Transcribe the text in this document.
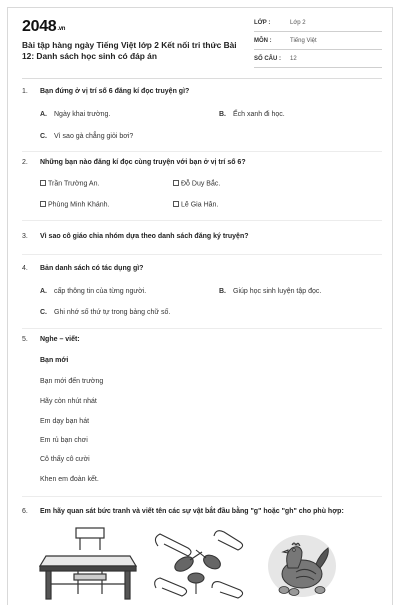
2048.vn
Bài tập hàng ngày Tiếng Việt lớp 2 Kết nối tri thức Bài 12: Danh sách học sinh có đáp án
LỚP :	Lớp 2
MÔN :	Tiếng Việt
SỐ CÂU : 12
1. Bạn đứng ở vị trí số 6 đăng kí đọc truyện gì?
A. Ngày khai trường.	B. Ếch xanh đi học.
C. Vì sao gà chẳng giỏi bơi?
2. Những bạn nào đăng kí đọc cùng truyện với bạn ở vị trí số 6?
Trần Trường An.	Đỗ Duy Bắc.
Phùng Minh Khánh.	Lê Gia Hân.
3. Vì sao cô giáo chia nhóm dựa theo danh sách đăng ký truyện?
4. Bản danh sách có tác dụng gì?
A. cấp thông tin của từng người.	B. Giúp học sinh luyện tập đọc.
C. Ghi nhớ số thứ tự trong bảng chữ số.
5. Nghe – viết:
Bạn mới
Bạn mới đến trường
Hãy còn nhút nhát
Em dạy bạn hát
Em rủ bạn chơi
Cô thấy cô cười
Khen em đoàn kết.
6. Em hãy quan sát bức tranh và viết tên các sự vật bắt đầu bằng "g" hoặc "gh" cho phù hợp:
